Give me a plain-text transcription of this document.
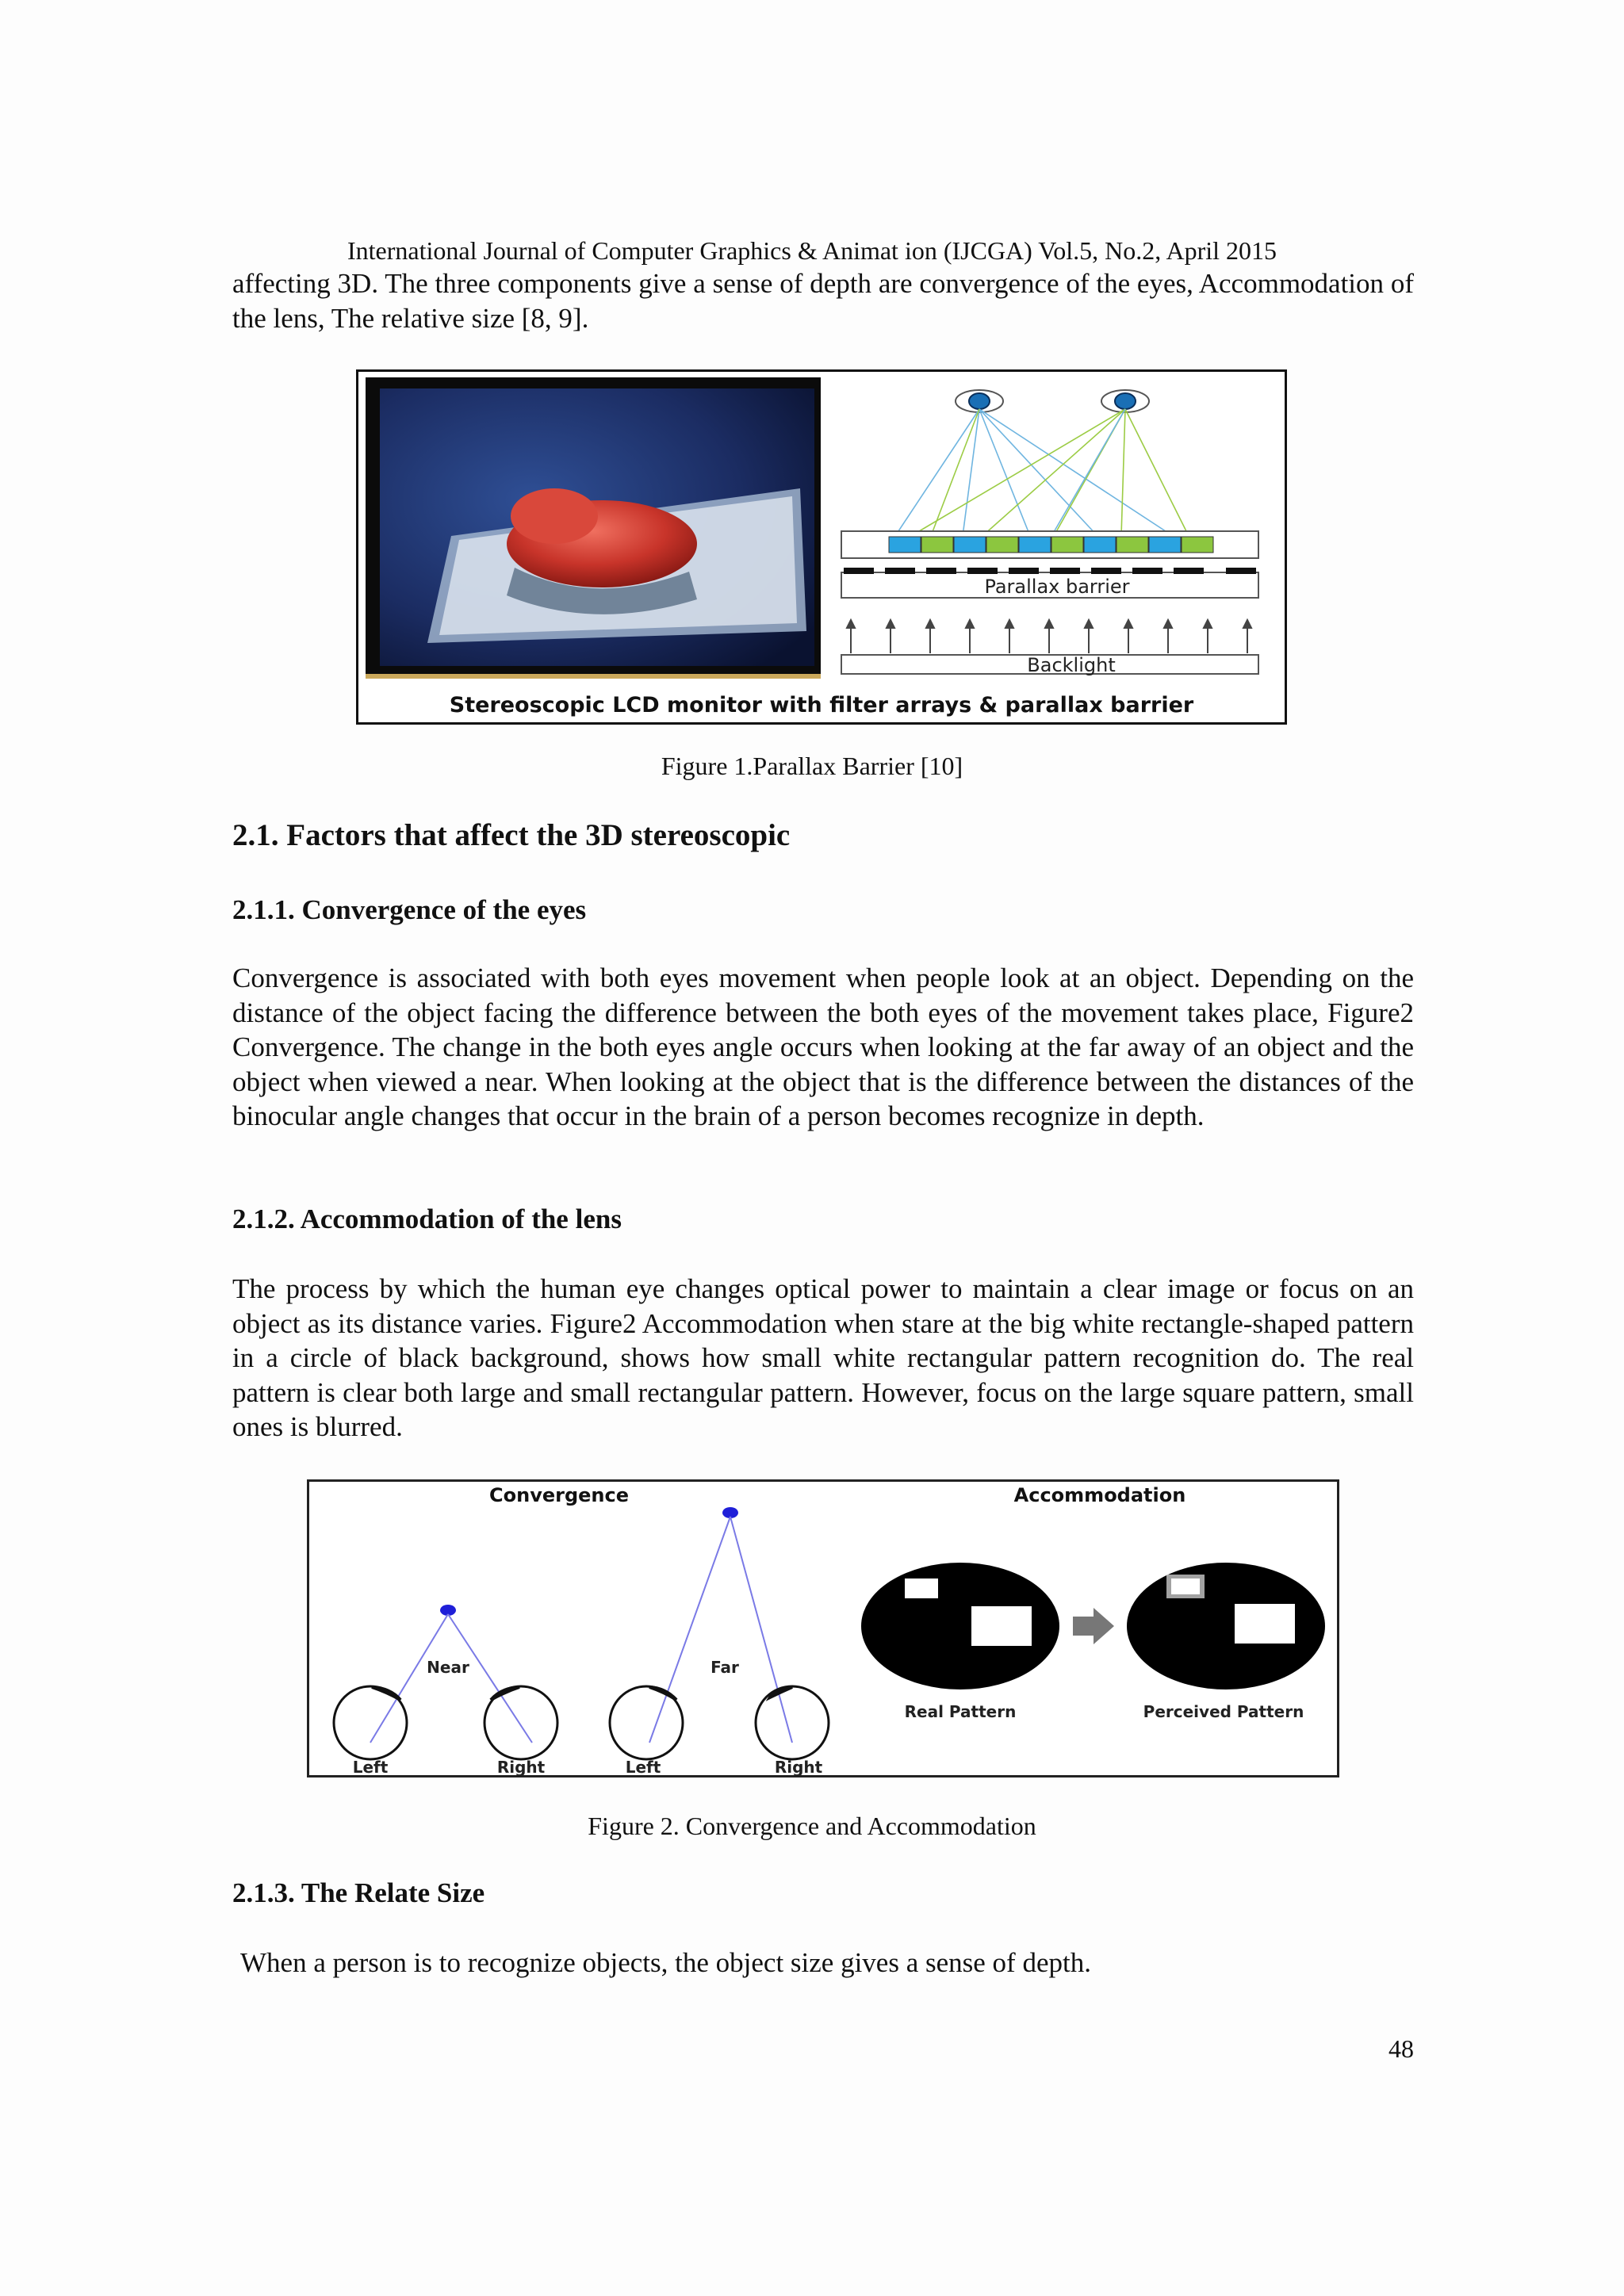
International Journal of Computer Graphics & Animat ion (IJCGA) Vol.5, No.2, April 2015
affecting 3D. The three components give a sense of depth are convergence of the eyes, Accommodation of the lens, The relative size [8, 9].
Parallax barrier
Backlight
Stereoscopic LCD monitor with filter arrays & parallax barrier
Figure 1.Parallax Barrier [10]
2.1. Factors that affect the 3D stereoscopic
2.1.1. Convergence of the eyes
Convergence is associated with both eyes movement when people look at an object. Depending on the distance of the object facing the difference between the both eyes of the movement takes place, Figure2 Convergence. The change in the both eyes angle occurs when looking at the far away of an object and the object when viewed a near. When looking at the object that is the difference between the distances of the binocular angle changes that occur in the brain of a person becomes recognize in depth.
2.1.2. Accommodation of the lens
The process by which the human eye changes optical power to maintain a clear image or focus on an object as its distance varies. Figure2 Accommodation when stare at the big white rectangle-shaped pattern in a circle of black background, shows how small white rectangular pattern recognition do. The real pattern is clear both large and small rectangular pattern. However, focus on the large square pattern, small ones is blurred.
Convergence	Accommodation
Near
Left	Right
Far
Left	Right
Real Pattern	Perceived Pattern
Figure 2. Convergence and Accommodation
2.1.3. The Relate Size
When a person is to recognize objects, the object size gives a sense of depth.
48
